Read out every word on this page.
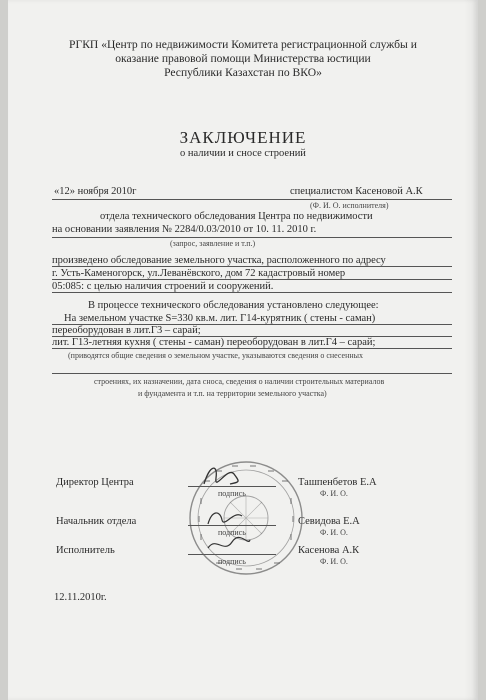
РГКП «Центр по недвижимости Комитета регистрационной службы и
оказание правовой помощи Министерства юстиции
Республики Казахстан по ВКО»
ЗАКЛЮЧЕНИЕ
о наличии и сносе строений
«12» ноября 2010г	специалистом Касеновой А.К
(Ф. И. О. исполнителя)
отдела технического обследования Центра по недвижимости
на основании заявления № 2284/0.03/2010 от 10. 11. 2010 г.
(запрос, заявление и т.п.)
произведено обследование земельного участка, расположенного по адресу
г. Усть-Каменогорск, ул.Леванёвского, дом 72 кадастровый номер
05:085: с целью наличия строений и сооружений.
В процессе технического обследования установлено следующее:
На земельном участке S=330 кв.м. лит. Г14-курятник ( стены - саман)
переоборудован в лит.Г3 – сарай;
лит. Г13-летняя кухня ( стены - саман) переоборудован в лит.Г4 – сарай;
(приводятся общие сведения о земельном участке, указываются сведения о снесенных
строениях, их назначении, дата сноса, сведения о наличии строительных материалов
и фундамента и т.п. на территории земельного участка)
Директор Центра
подпись
Ташпенбетов Е.А
Ф. И. О.
Начальник отдела
подпись
Севидова Е.А
Ф. И. О.
Исполнитель
подпись
Касенова А.К
Ф. И. О.
12.11.2010г.
